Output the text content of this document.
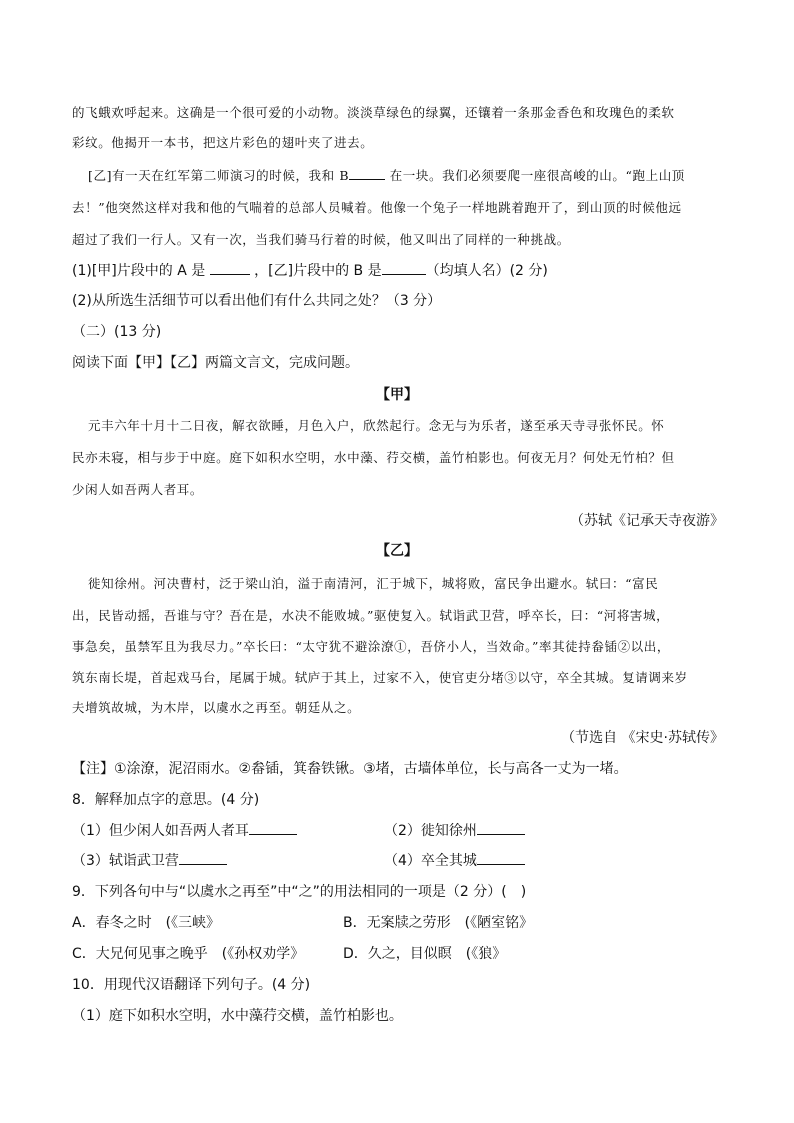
的飞蛾欢呼起来。这确是一个很可爱的小动物。淡淡草绿色的绿翼，还镶着一条那金香色和玫瑰色的柔软

彩纹。他揭开一本书，把这片彩色的翅叶夹了进去。

[乙]有一天在红军第二师演习的时候，我和 B	在一块。我们必须要爬一座很高峻的山。“跑上山顶

去！”他突然这样对我和他的气喘着的总部人员喊着。他像一个兔子一样地跳着跑开了，到山顶的时候他远

超过了我们一行人。又有一次，当我们骑马行着的时候，他又叫出了同样的一种挑战。

(1)[甲]片段中的 A 是	，[乙]片段中的 B 是	（均填人名）(2 分)

(2)从所选生活细节可以看出他们有什么共同之处？（3 分）

（二）(13 分)

阅读下面【甲】【乙】两篇文言文，完成问题。

【甲】

元丰六年十月十二日夜，解衣欲睡，月色入户，欣然起行。念无与为乐者，遂至承天寺寻张怀民。怀

民亦未寝，相与步于中庭。庭下如积水空明，水中藻、荇交横，盖竹柏影也。何夜无月？何处无竹柏？但

少闲人如吾两人者耳。

（苏轼《记承天寺夜游》

【乙】

徙知徐州。河决曹村，泛于梁山泊，溢于南清河，汇于城下，城将败，富民争出避水。轼曰：“富民

出，民皆动摇，吾谁与守？吾在是，水决不能败城。”驱使复入。轼诣武卫营，呼卒长，曰：“河将害城，

事急矣，虽禁军且为我尽力。”卒长曰：“太守犹不避涂潦①，吾侪小人，当效命。”率其徒持畚锸②以出，

筑东南长堤，首起戏马台，尾属于城。轼庐于其上，过家不入，使官吏分堵③以守，卒全其城。复请调来岁

夫增筑故城，为木岸，以虞水之再至。朝廷从之。

（节选自 《宋史·苏轼传》

【注】①涂潦，泥沼雨水。②畚锸，箕畚铁锹。③堵，古墙体单位，长与高各一丈为一堵。

8．解释加点字的意思。(4 分)

（1）但少闲人如吾两人者耳	（2）徙知徐州

（3）轼诣武卫营	（4）卒全其城

9．下列各句中与“以虞水之再至”中“之”的用法相同的一项是（2 分）(　)

A．春冬之时　(《三峡》	B．无案牍之劳形　(《陋室铭》

C．大兄何见事之晚乎　(《孙权劝学》	D．久之，目似瞑　(《狼》

10．用现代汉语翻译下列句子。(4 分)

（1）庭下如积水空明，水中藻荇交横，盖竹柏影也。
